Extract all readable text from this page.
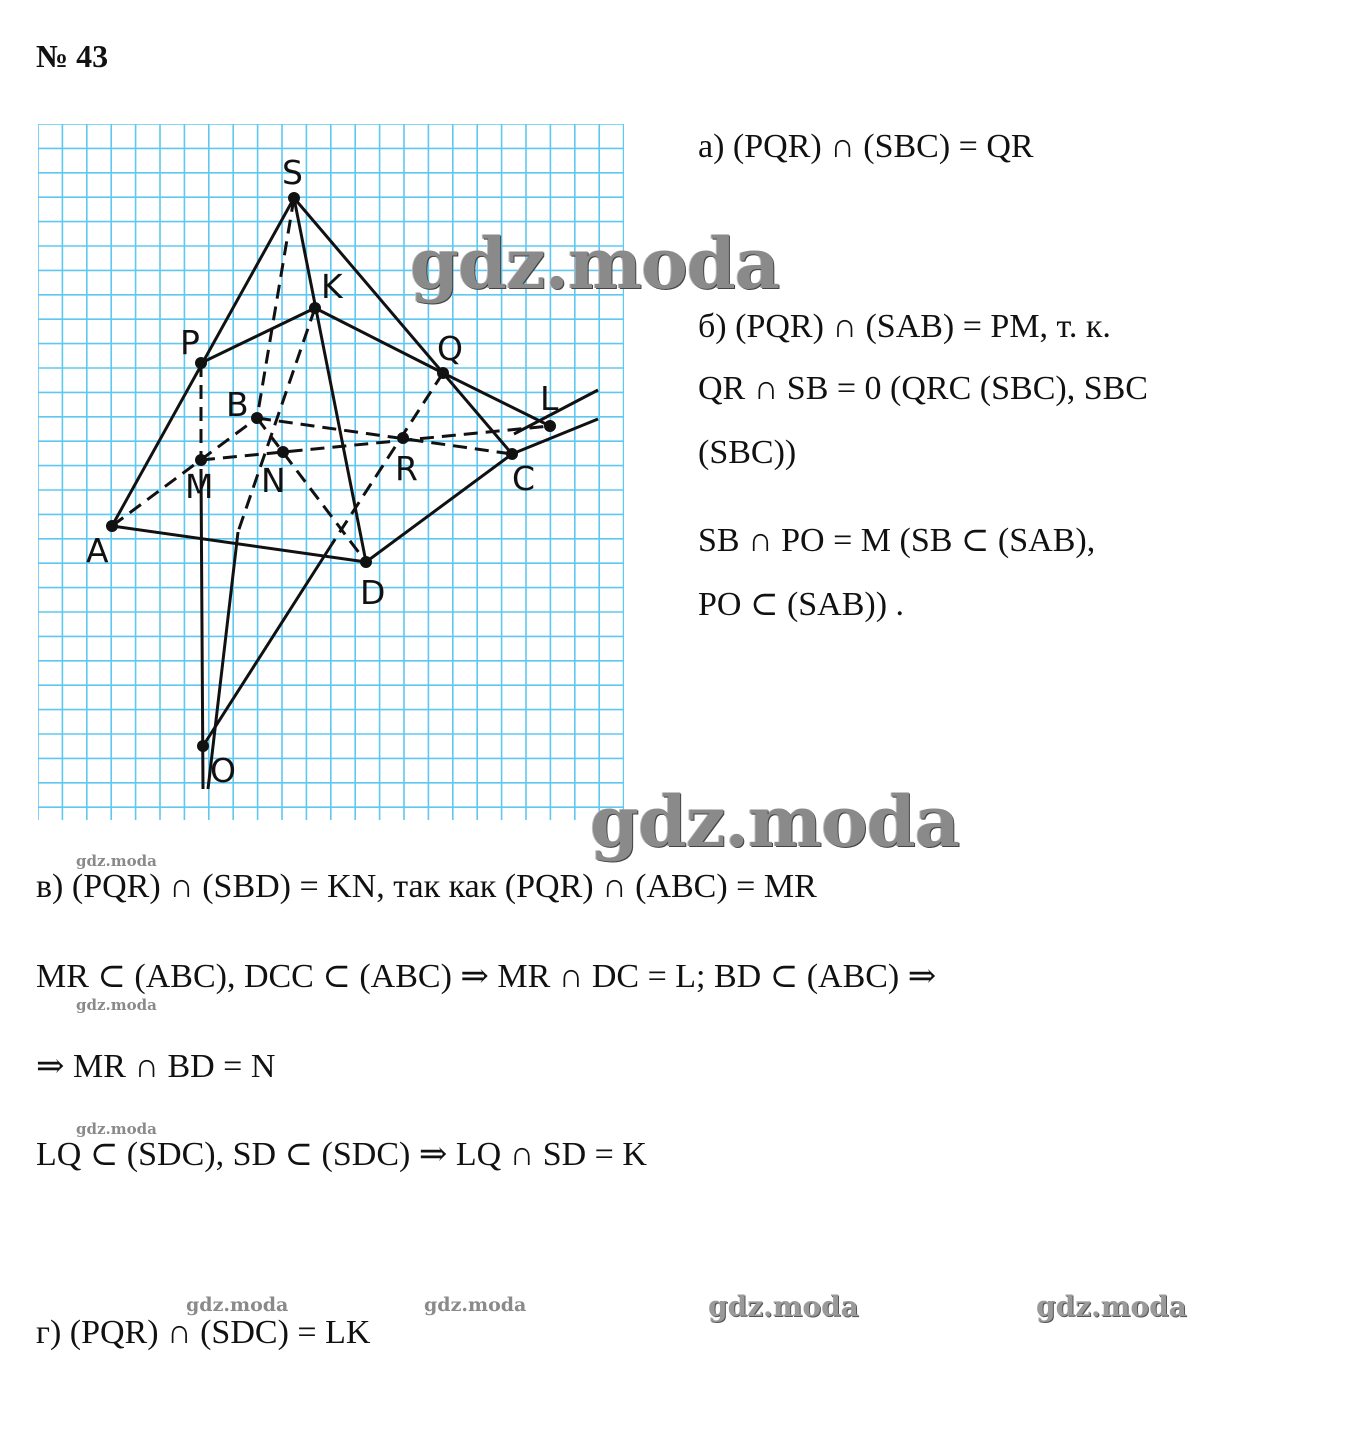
№ 43
S
K
P	Q
B	L
M N	R	C
A
D
O
а) (PQR) ∩ (SBC) = QR
б) (PQR) ∩ (SAB) = PM, т. к.
QR ∩ SB = 0 (QRC (SBC), SBC
(SBC))
SB ∩ PO = M (SB ⊂ (SAB),
PO ⊂ (SAB)) .
в) (PQR) ∩ (SBD) = KN, так как (PQR) ∩ (ABC) = MR
MR ⊂ (ABC), DCC ⊂ (ABC) ⇒ MR ∩ DC = L; BD ⊂ (ABC) ⇒
⇒ MR ∩ BD = N
LQ ⊂ (SDC), SD ⊂ (SDC) ⇒ LQ ∩ SD = K
г) (PQR) ∩ (SDC) = LK
gdz.moda
gdz.moda
gdz.moda
gdz.moda
gdz.moda
gdz.moda	gdz.moda	gdz.moda	gdz.moda
